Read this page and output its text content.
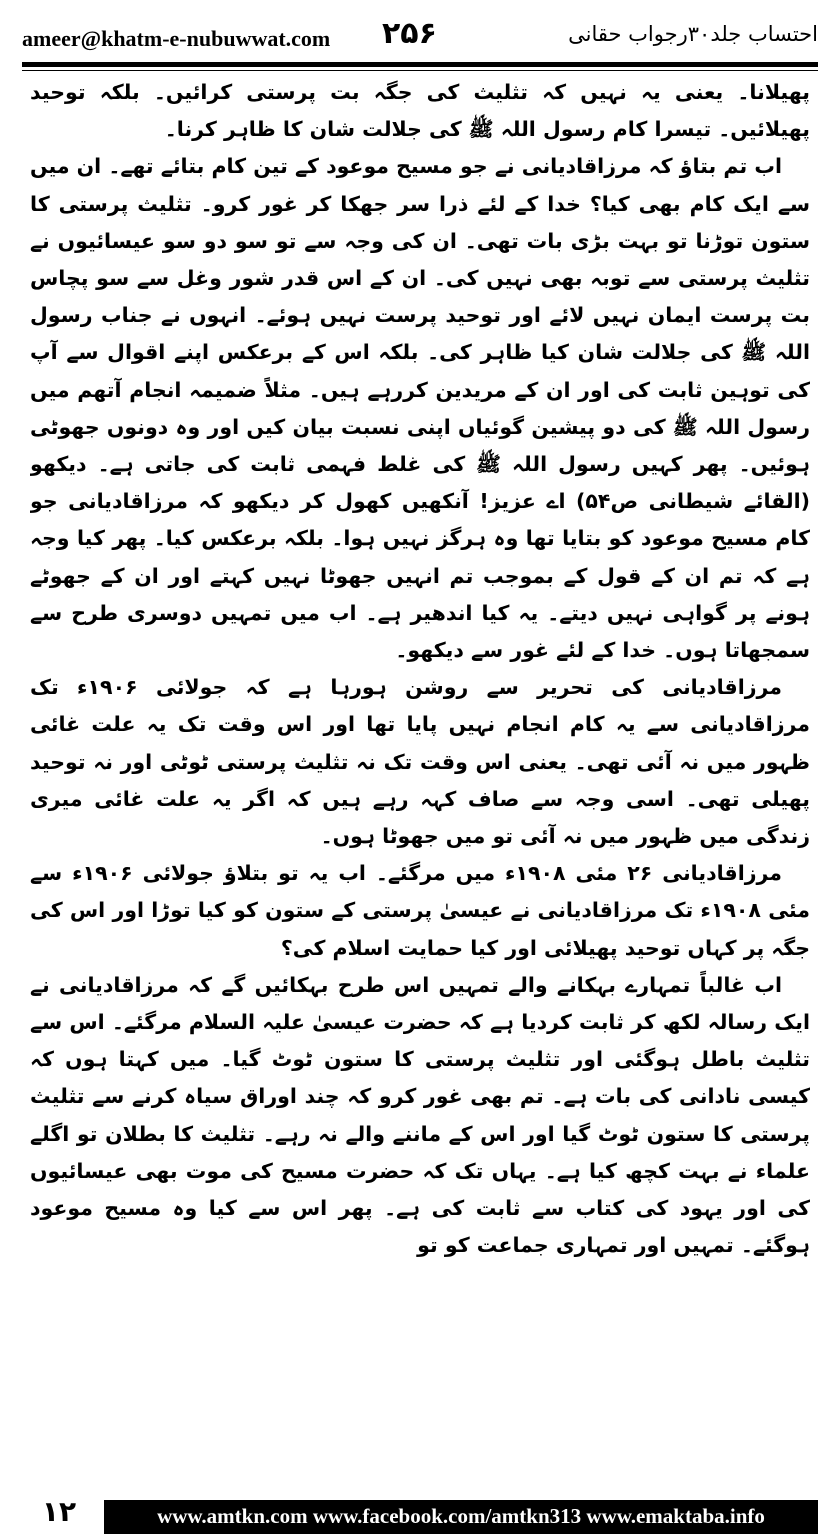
ameer@khatm-e-nubuwwat.com ۲۵۶	احتساب جلد۳۰رجواب حقانی

پھیلانا۔ یعنی یہ نہیں کہ تثلیث کی جگہ بت پرستی کرائیں۔ بلکہ توحید پھیلائیں۔ تیسرا کام رسول اللہ ﷺ کی جلالت شان کا ظاہر کرنا۔

اب تم بتاؤ کہ مرزاقادیانی نے جو مسیح موعود کے تین کام بتائے تھے۔ ان میں سے ایک کام بھی کیا؟ خدا کے لئے ذرا سر جھکا کر غور کرو۔ تثلیث پرستی کا ستون توڑنا تو بہت بڑی بات تھی۔ ان کی وجہ سے تو سو دو سو عیسائیوں نے تثلیث پرستی سے توبہ بھی نہیں کی۔ ان کے اس قدر شور وغل سے سو پچاس بت پرست ایمان نہیں لائے اور توحید پرست نہیں ہوئے۔ انہوں نے جناب رسول اللہ ﷺ کی جلالت شان کیا ظاہر کی۔ بلکہ اس کے برعکس اپنے اقوال سے آپ کی توہین ثابت کی اور ان کے مریدین کررہے ہیں۔ مثلاً ضمیمہ انجام آتھم میں رسول اللہ ﷺ کی دو پیشین گوئیاں اپنی نسبت بیان کیں اور وہ دونوں جھوٹی ہوئیں۔ پھر کہیں رسول اللہ ﷺ کی غلط فہمی ثابت کی جاتی ہے۔ دیکھو (القائے شیطانی ص۵۴) اے عزیز! آنکھیں کھول کر دیکھو کہ مرزاقادیانی جو کام مسیح موعود کو بتایا تھا وہ ہرگز نہیں ہوا۔ بلکہ برعکس کیا۔ پھر کیا وجہ ہے کہ تم ان کے قول کے بموجب تم انہیں جھوٹا نہیں کہتے اور ان کے جھوٹے ہونے پر گواہی نہیں دیتے۔ یہ کیا اندھیر ہے۔ اب میں تمہیں دوسری طرح سے سمجھاتا ہوں۔ خدا کے لئے غور سے دیکھو۔

مرزاقادیانی کی تحریر سے روشن ہورہا ہے کہ جولائی ۱۹۰۶ء تک مرزاقادیانی سے یہ کام انجام نہیں پایا تھا اور اس وقت تک یہ علت غائی ظہور میں نہ آئی تھی۔ یعنی اس وقت تک نہ تثلیث پرستی ٹوٹی اور نہ توحید پھیلی تھی۔ اسی وجہ سے صاف کہہ رہے ہیں کہ اگر یہ علت غائی میری زندگی میں ظہور میں نہ آئی تو میں جھوٹا ہوں۔

مرزاقادیانی ۲۶ مئی ۱۹۰۸ء میں مرگئے۔ اب یہ تو بتلاؤ جولائی ۱۹۰۶ء سے مئی ۱۹۰۸ء تک مرزاقادیانی نے عیسیٰ پرستی کے ستون کو کیا توڑا اور اس کی جگہ پر کہاں توحید پھیلائی اور کیا حمایت اسلام کی؟

اب غالباً تمہارے بہکانے والے تمہیں اس طرح بہکائیں گے کہ مرزاقادیانی نے ایک رسالہ لکھ کر ثابت کردیا ہے کہ حضرت عیسیٰ علیہ السلام مرگئے۔ اس سے تثلیث باطل ہوگئی اور تثلیث پرستی کا ستون ٹوٹ گیا۔ میں کہتا ہوں کہ کیسی نادانی کی بات ہے۔ تم بھی غور کرو کہ چند اوراق سیاہ کرنے سے تثلیث پرستی کا ستون ٹوٹ گیا اور اس کے ماننے والے نہ رہے۔ تثلیث کا بطلان تو اگلے علماء نے بہت کچھ کیا ہے۔ یہاں تک کہ حضرت مسیح کی موت بھی عیسائیوں کی اور یہود کی کتاب سے ثابت کی ہے۔ پھر اس سے کیا وہ مسیح موعود ہوگئے۔ تمہیں اور تمہاری جماعت کو تو

۱۲	www.amtkn.com www.facebook.com/amtkn313 www.emaktaba.info
